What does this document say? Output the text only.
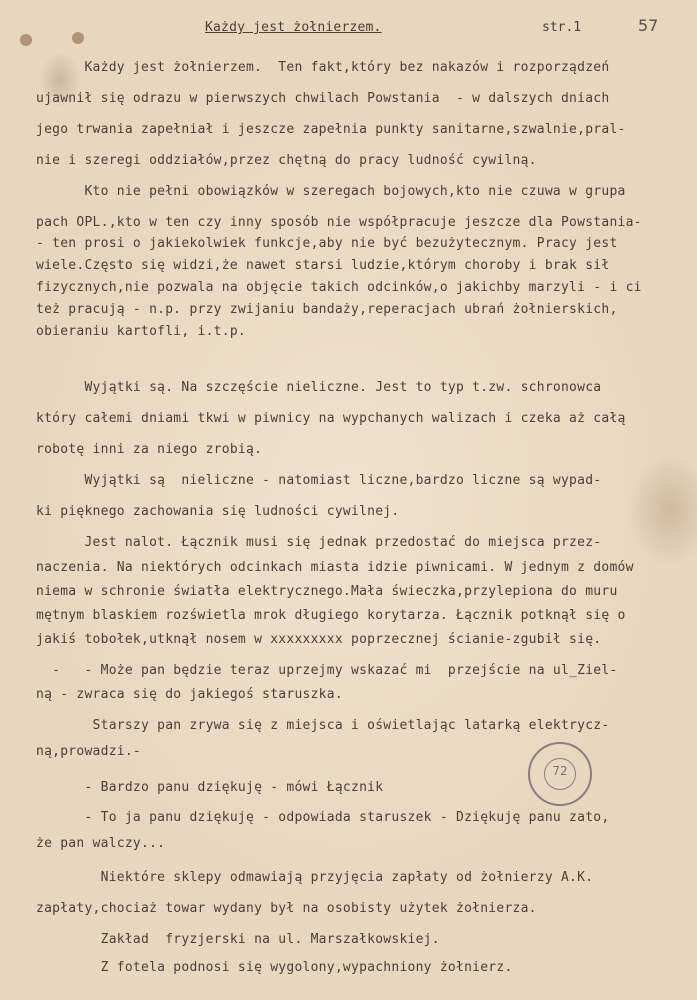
Każdy jest żołnierzem.	str.1	57
Każdy jest żołnierzem.  Ten fakt,który bez nakazów i rozporządzeń
ujawnił się odrazu w pierwszych chwilach Powstania  - w dalszych dniach
jego trwania zapełniał i jeszcze zapełnia punkty sanitarne,szwalnie,pral-
nie i szeregi oddziałów,przez chętną do pracy ludność cywilną.
Kto nie pełni obowiązków w szeregach bojowych,kto nie czuwa w grupa
pach OPL.,kto w ten czy inny sposób nie współpracuje jeszcze dla Powstania-
- ten prosi o jakiekolwiek funkcje,aby nie być bezużytecznym. Pracy jest
wiele.Często się widzi,że nawet starsi ludzie,którym choroby i brak sił
fizycznych,nie pozwala na objęcie takich odcinków,o jakichby marzyli - i ci
też pracują - n.p. przy zwijaniu bandaży,reperacjach ubrań żołnierskich,
obieraniu kartofli, i.t.p.
Wyjątki są. Na szczęście nieliczne. Jest to typ t.zw. schronowca
który całemi dniami tkwi w piwnicy na wypchanych walizach i czeka aż całą
robotę inni za niego zrobią.
Wyjątki są  nieliczne - natomiast liczne,bardzo liczne są wypad-
ki pięknego zachowania się ludności cywilnej.
Jest nalot. Łącznik musi się jednak przedostać do miejsca przez-
naczenia. Na niektórych odcinkach miasta idzie piwnicami. W jednym z domów
niema w schronie światła elektrycznego.Mała świeczka,przylepiona do muru
mętnym blaskiem rozświetla mrok długiego korytarza. Łącznik potknął się o
jakiś tobołek,utknął nosem w xxxxxxxxx poprzecznej ścianie-zgubił się.
-   - Może pan będzie teraz uprzejmy wskazać mi  przejście na ul_Ziel-
ną - zwraca się do jakiegoś staruszka.
Starszy pan zrywa się z miejsca i oświetlając latarką elektrycz-
ną,prowadzi.-
- Bardzo panu dziękuję - mówi Łącznik
- To ja panu dziękuję - odpowiada staruszek - Dziękuję panu zato,
że pan walczy...
Niektóre sklepy odmawiają przyjęcia zapłaty od żołnierzy A.K.
zapłaty,chociaż towar wydany był na osobisty użytek żołnierza.
Zakład  fryzjerski na ul. Marszałkowskiej.
Z fotela podnosi się wygolony,wypachniony żołnierz.
72
